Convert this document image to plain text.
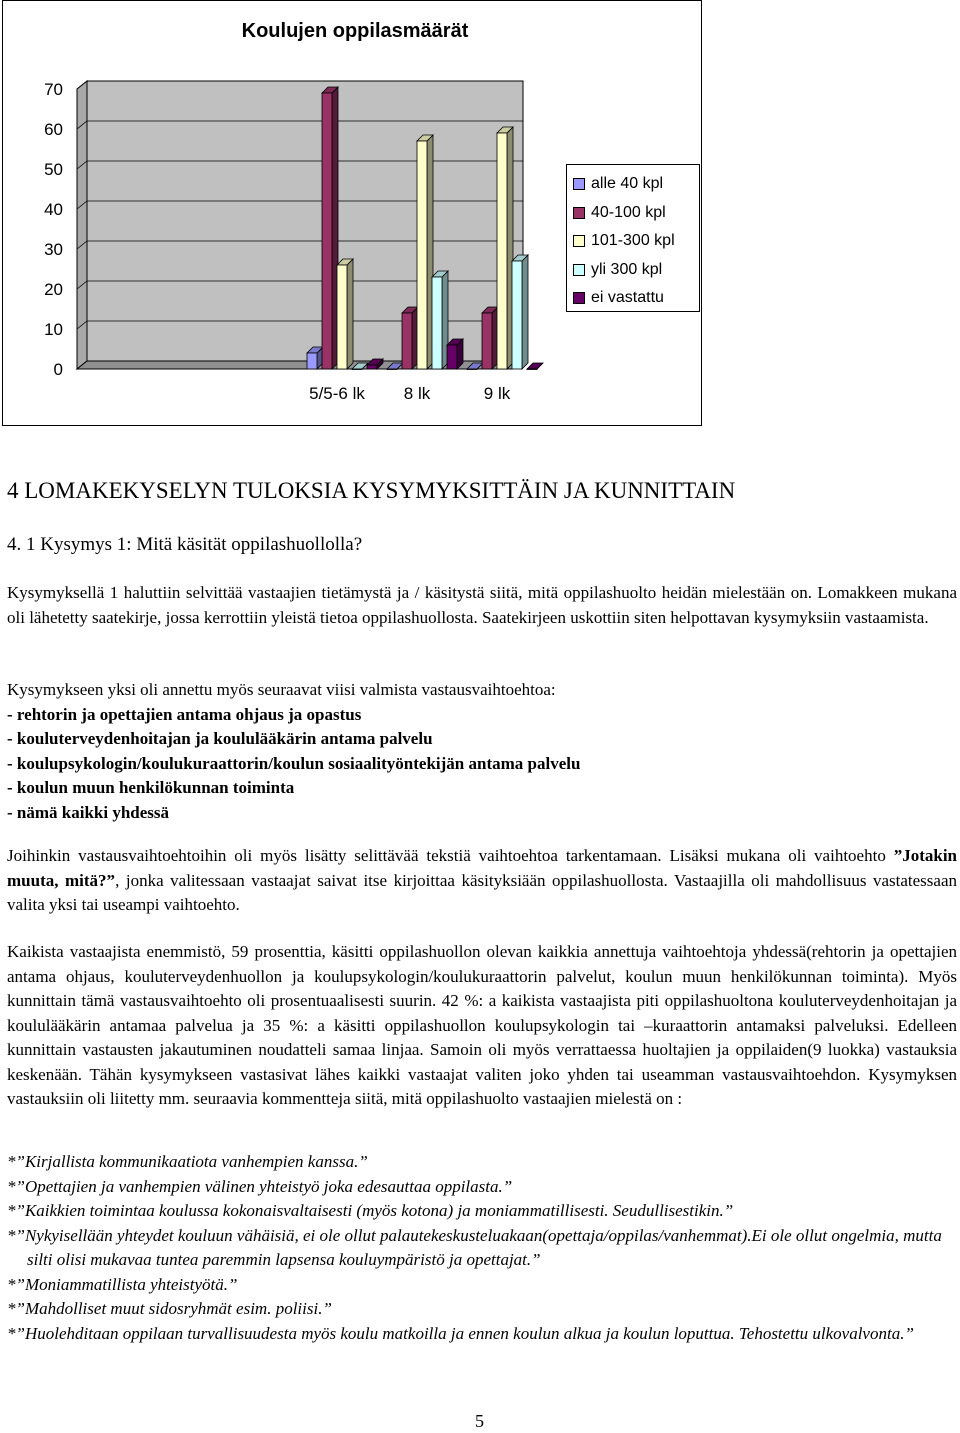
Koulujen oppilasmäärät
70
60
50
40
30
20
10
0
5/5-6 lk 8 lk	9 lk
alle 40 kpl
40-100 kpl
101-300 kpl
yli 300 kpl
ei vastattu
4 LOMAKEKYSELYN TULOKSIA KYSYMYKSITTÄIN JA KUNNITTAIN
4. 1 Kysymys 1: Mitä käsität oppilashuollolla?
Kysymyksellä 1 haluttiin selvittää vastaajien tietämystä ja / käsitystä siitä, mitä oppilashuolto heidän mielestään on. Lomakkeen mukana oli lähetetty saatekirje, jossa kerrottiin yleistä tietoa oppilashuollosta. Saatekirjeen uskottiin siten helpottavan kysymyksiin vastaamista.
Kysymykseen yksi oli annettu myös seuraavat viisi valmista vastausvaihtoehtoa:
- rehtorin ja opettajien antama ohjaus ja opastus
- kouluterveydenhoitajan ja koululääkärin antama palvelu
- koulupsykologin/koulukuraattorin/koulun sosiaalityöntekijän antama palvelu
- koulun muun henkilökunnan toiminta
- nämä kaikki yhdessä
Joihinkin vastausvaihtoehtoihin oli myös lisätty selittävää tekstiä vaihtoehtoa tarkentamaan. Lisäksi mukana oli vaihtoehto ”Jotakin muuta, mitä?”, jonka valitessaan vastaajat saivat itse kirjoittaa käsityksiään oppilashuollosta. Vastaajilla oli mahdollisuus vastatessaan valita yksi tai useampi vaihtoehto.
Kaikista vastaajista enemmistö, 59 prosenttia, käsitti oppilashuollon olevan kaikkia annettuja vaihtoehtoja yhdessä(rehtorin ja opettajien antama ohjaus, kouluterveydenhuollon ja koulupsykologin/koulukuraattorin palvelut, koulun muun henkilökunnan toiminta). Myös kunnittain tämä vastausvaihtoehto oli prosentuaalisesti suurin. 42 %: a kaikista vastaajista piti oppilashuoltona kouluterveydenhoitajan ja koululääkärin antamaa palvelua ja 35 %: a käsitti oppilashuollon koulupsykologin tai –kuraattorin antamaksi palveluksi. Edelleen kunnittain vastausten jakautuminen noudatteli samaa linjaa. Samoin oli myös verrattaessa huoltajien ja oppilaiden(9 luokka) vastauksia keskenään. Tähän kysymykseen vastasivat lähes kaikki vastaajat valiten joko yhden tai useamman vastausvaihtoehdon. Kysymyksen vastauksiin oli liitetty mm. seuraavia kommentteja siitä, mitä oppilashuolto vastaajien mielestä on :
*”Kirjallista kommunikaatiota vanhempien kanssa.”
*”Opettajien ja vanhempien välinen yhteistyö joka edesauttaa oppilasta.”
*”Kaikkien toimintaa koulussa kokonaisvaltaisesti (myös kotona) ja moniammatillisesti. Seudullisestikin.”
*”Nykyisellään yhteydet kouluun vähäisiä, ei ole ollut palautekeskusteluakaan(opettaja/oppilas/vanhemmat).Ei ole ollut ongelmia, mutta silti olisi mukavaa tuntea paremmin lapsensa kouluympäristö ja opettajat.”
*”Moniammatillista yhteistyötä.”
*”Mahdolliset muut sidosryhmät esim. poliisi.”
*”Huolehditaan oppilaan turvallisuudesta myös koulu matkoilla ja ennen koulun alkua ja koulun loputtua. Tehostettu ulkovalvonta.”
5
